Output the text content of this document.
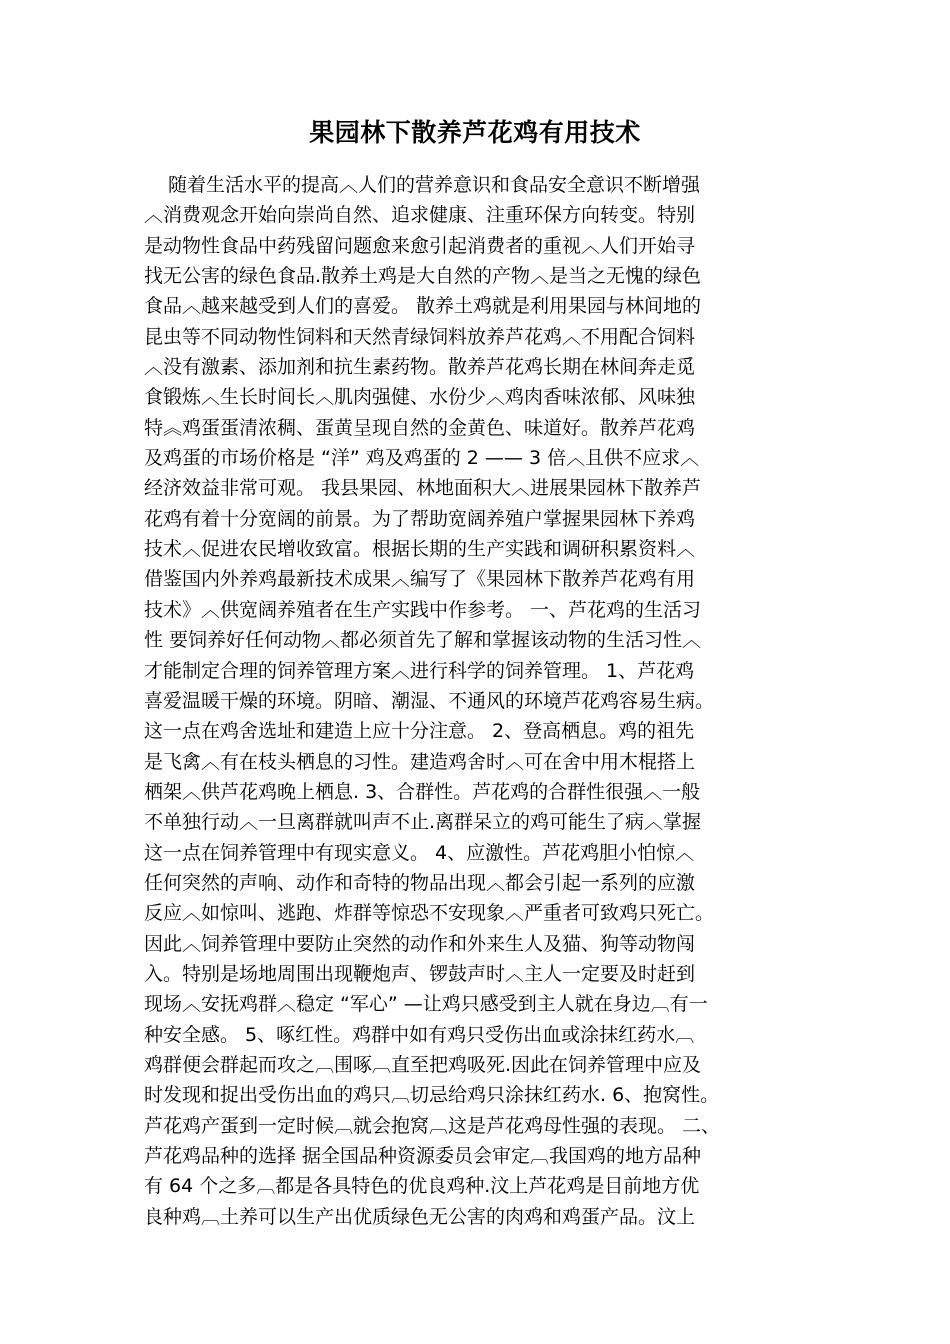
果园林下散养芦花鸡有用技术
随着生活水平的提高︿人们的营养意识和食品安全意识不断增强
︿消费观念开始向崇尚自然、追求健康、注重环保方向转变。特别
是动物性食品中药残留问题愈来愈引起消费者的重视︿人们开始寻
找无公害的绿色食品.散养土鸡是大自然的产物︿是当之无愧的绿色
食品︿越来越受到人们的喜爱。 散养土鸡就是利用果园与林间地的
昆虫等不同动物性饲料和天然青绿饲料放养芦花鸡︿不用配合饲料
︿没有激素、添加剂和抗生素药物。散养芦花鸡长期在林间奔走觅
食锻炼︿生长时间长︿肌肉强健、水份少︿鸡肉香味浓郁、风味独
特︽鸡蛋蛋清浓稠、蛋黄呈现自然的金黄色、味道好。散养芦花鸡
及鸡蛋的市场价格是 “洋” 鸡及鸡蛋的 2 —— 3 倍︿且供不应求︿
经济效益非常可观。 我县果园、林地面积大︿进展果园林下散养芦
花鸡有着十分宽阔的前景。为了帮助宽阔养殖户掌握果园林下养鸡
技术︿促进农民增收致富。根据长期的生产实践和调研积累资料︿
借鉴国内外养鸡最新技术成果︿编写了《果园林下散养芦花鸡有用
技术》︿供宽阔养殖者在生产实践中作参考。 一、芦花鸡的生活习
性 要饲养好任何动物︿都必须首先了解和掌握该动物的生活习性︿
才能制定合理的饲养管理方案︿进行科学的饲养管理。 1、芦花鸡
喜爱温暖干燥的环境。阴暗、潮湿、不通风的环境芦花鸡容易生病。
这一点在鸡舍选址和建造上应十分注意。 2、登高栖息。鸡的祖先
是飞禽︿有在枝头栖息的习性。建造鸡舍时︿可在舍中用木棍搭上
栖架︿供芦花鸡晚上栖息. 3、合群性。芦花鸡的合群性很强︿一般
不单独行动︿一旦离群就叫声不止.离群呆立的鸡可能生了病︿掌握
这一点在饲养管理中有现实意义。 4、应激性。芦花鸡胆小怕惊︿
任何突然的声响、动作和奇特的物品出现︿都会引起一系列的应激
反应︿如惊叫、逃跑、炸群等惊恐不安现象︿严重者可致鸡只死亡。
因此︿饲养管理中要防止突然的动作和外来生人及猫、狗等动物闯
入。特别是场地周围出现鞭炮声、锣鼓声时︿主人一定要及时赶到
现场︿安抚鸡群︿稳定 “军心” —让鸡只感受到主人就在身边︹有一
种安全感。 5、啄红性。鸡群中如有鸡只受伤出血或涂抹红药水︹
鸡群便会群起而攻之︹围啄︹直至把鸡吸死.因此在饲养管理中应及
时发现和捉出受伤出血的鸡只︹切忌给鸡只涂抹红药水. 6、抱窝性。
芦花鸡产蛋到一定时候︹就会抱窝︹这是芦花鸡母性强的表现。 二、
芦花鸡品种的选择 据全国品种资源委员会审定︹我国鸡的地方品种
有 64 个之多︹都是各具特色的优良鸡种.汶上芦花鸡是目前地方优
良种鸡︹土养可以生产出优质绿色无公害的肉鸡和鸡蛋产品。汶上
